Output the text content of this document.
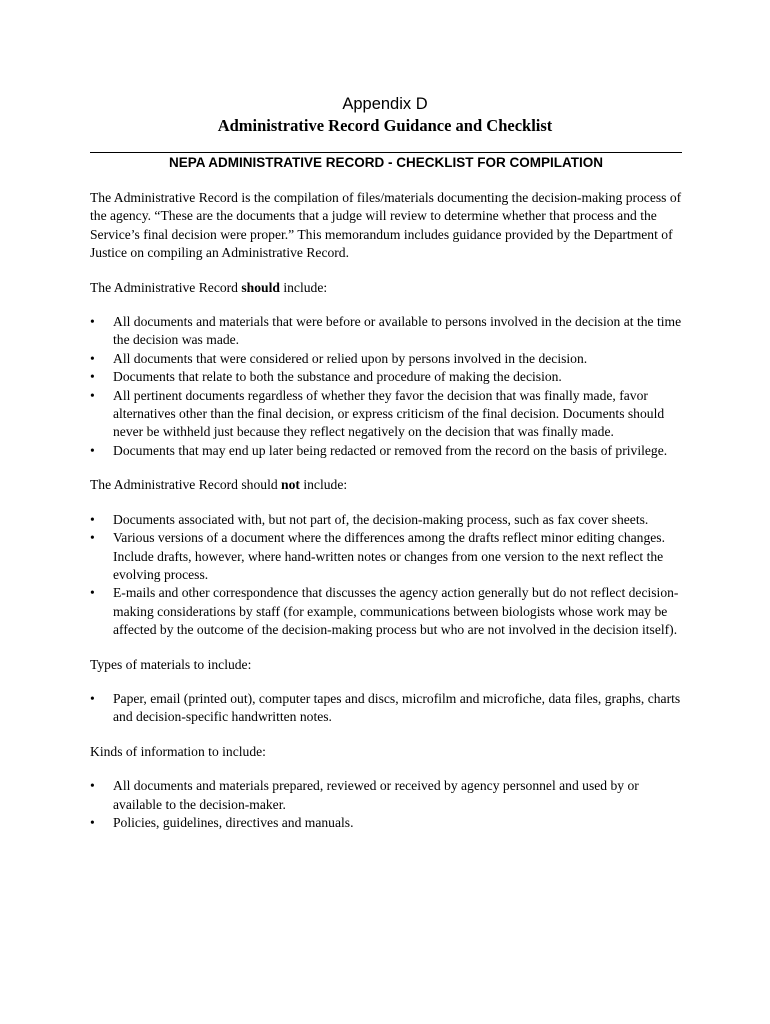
Appendix D
Administrative Record Guidance and Checklist
NEPA ADMINISTRATIVE RECORD - CHECKLIST FOR COMPILATION

The Administrative Record is the compilation of files/materials documenting the decision-making process of the agency. “These are the documents that a judge will review to determine whether that process and the Service’s final decision were proper.” This memorandum includes guidance provided by the Department of Justice on compiling an Administrative Record.

The Administrative Record should include:

•	All documents and materials that were before or available to persons involved in the decision at the time the decision was made.
•	All documents that were considered or relied upon by persons involved in the decision.
•	Documents that relate to both the substance and procedure of making the decision.
•	All pertinent documents regardless of whether they favor the decision that was finally made, favor alternatives other than the final decision, or express criticism of the final decision. Documents should never be withheld just because they reflect negatively on the decision that was finally made.
•	Documents that may end up later being redacted or removed from the record on the basis of privilege.

The Administrative Record should not include:

•	Documents associated with, but not part of, the decision-making process, such as fax cover sheets.
•	Various versions of a document where the differences among the drafts reflect minor editing changes. Include drafts, however, where hand-written notes or changes from one version to the next reflect the evolving process.
•	E-mails and other correspondence that discusses the agency action generally but do not reflect decision-making considerations by staff (for example, communications between biologists whose work may be affected by the outcome of the decision-making process but who are not involved in the decision itself).

Types of materials to include:

•	Paper, email (printed out), computer tapes and discs, microfilm and microfiche, data files, graphs, charts and decision-specific handwritten notes.

Kinds of information to include:

•	All documents and materials prepared, reviewed or received by agency personnel and used by or available to the decision-maker.
•	Policies, guidelines, directives and manuals.
